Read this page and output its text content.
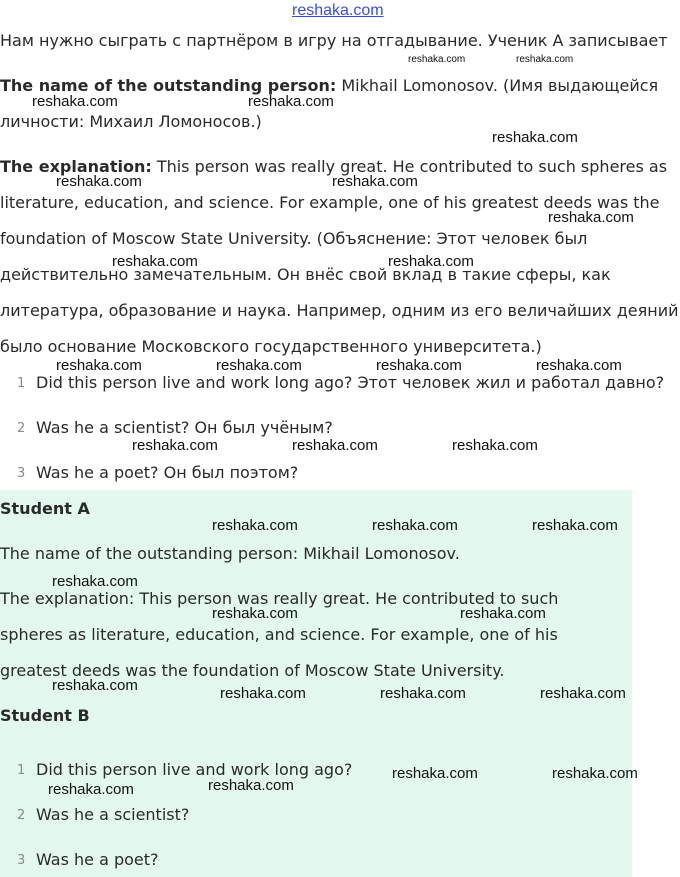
reshaka.com
Нам нужно сыграть с партнёром в игру на отгадывание. Ученик А записывает
The name of the outstanding person: Mikhail Lomonosov. (Имя выдающейся
личности: Михаил Ломоносов.)
The explanation: This person was really great. He contributed to such spheres as
literature, education, and science. For example, one of his greatest deeds was the
foundation of Moscow State University. (Объяснение: Этот человек был
действительно замечательным. Он внёс свой вклад в такие сферы, как
литература, образование и наука. Например, одним из его величайших деяний
было основание Московского государственного университета.)
1 Did this person live and work long ago? Этот человек жил и работал давно?
2 Was he a scientist? Он был учёным?
3 Was he a poet? Он был поэтом?
Student A
The name of the outstanding person: Mikhail Lomonosov.
The explanation: This person was really great. He contributed to such
spheres as literature, education, and science. For example, one of his
greatest deeds was the foundation of Moscow State University.
Student B
1 Did this person live and work long ago?
2 Was he a scientist?
3 Was he a poet?
reshaka.com	reshaka.com
reshaka.com	reshaka.com
reshaka.com
reshaka.com	reshaka.com
reshaka.com
reshaka.com	reshaka.com
reshaka.com	reshaka.com	reshaka.com	reshaka.com
reshaka.com	reshaka.com	reshaka.com
reshaka.com	reshaka.com	reshaka.com
reshaka.com
reshaka.com	reshaka.com
reshaka.com	reshaka.com	reshaka.com	reshaka.com
reshaka.com	reshaka.com
reshaka.com
reshaka.com
